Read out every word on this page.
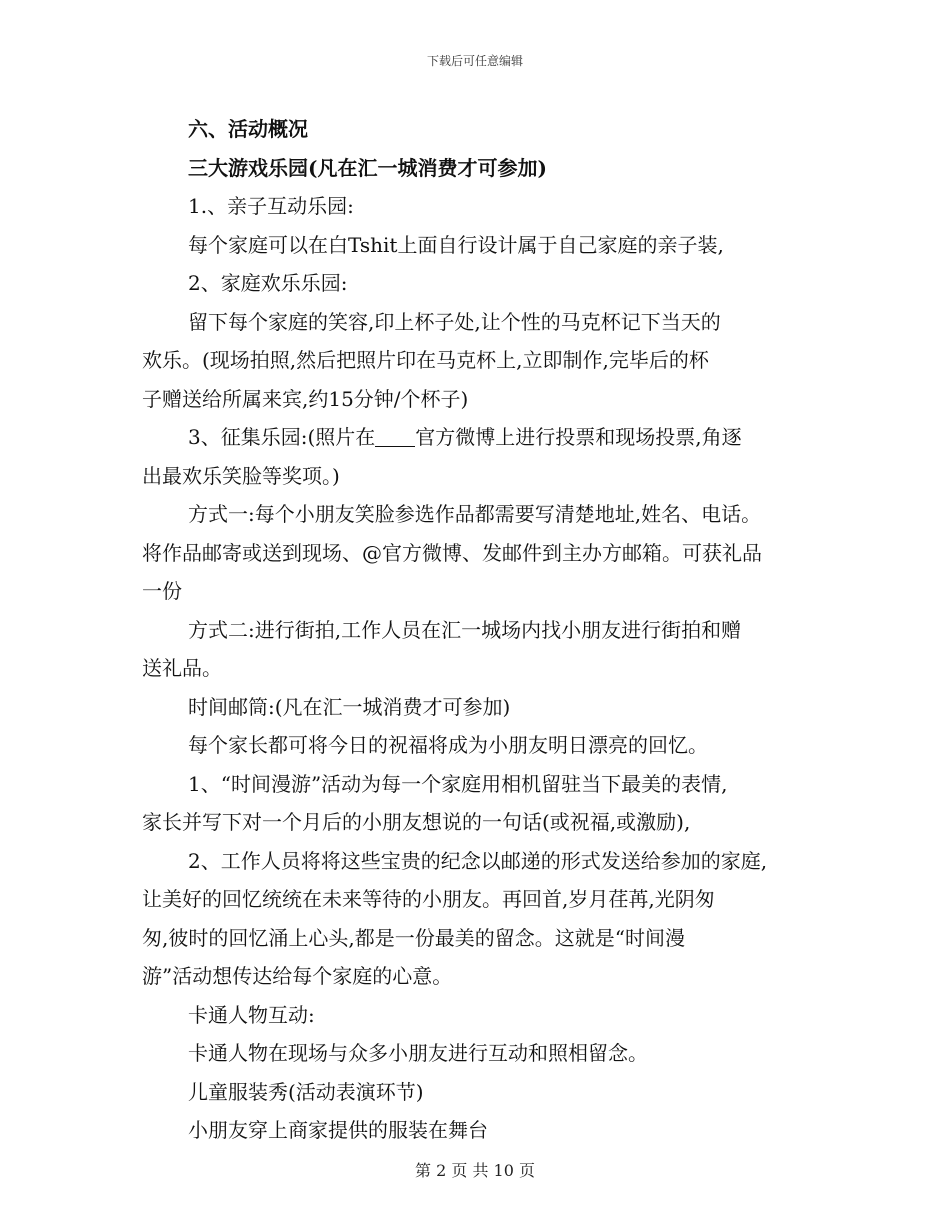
下载后可任意编辑
六、活动概况
三大游戏乐园(凡在汇一城消费才可参加)
1.、亲子互动乐园:
每个家庭可以在白Tshit上面自行设计属于自己家庭的亲子装,
2、家庭欢乐乐园:
留下每个家庭的笑容,印上杯子处,让个性的马克杯记下当天的
欢乐。(现场拍照,然后把照片印在马克杯上,立即制作,完毕后的杯
子赠送给所属来宾,约15分钟/个杯子)
3、征集乐园:(照片在 官方微博上进行投票和现场投票,角逐
出最欢乐笑脸等奖项。)
方式一:每个小朋友笑脸参选作品都需要写清楚地址,姓名、电话。
将作品邮寄或送到现场、@官方微博、发邮件到主办方邮箱。可获礼品
一份
方式二:进行街拍,工作人员在汇一城场内找小朋友进行街拍和赠
送礼品。
时间邮筒:(凡在汇一城消费才可参加)
每个家长都可将今日的祝福将成为小朋友明日漂亮的回忆。
1、“时间漫游”活动为每一个家庭用相机留驻当下最美的表情,
家长并写下对一个月后的小朋友想说的一句话(或祝福,或激励),
2、工作人员将将这些宝贵的纪念以邮递的形式发送给参加的家庭,
让美好的回忆统统在未来等待的小朋友。再回首,岁月荏苒,光阴匆
匆,彼时的回忆涌上心头,都是一份最美的留念。这就是“时间漫
游”活动想传达给每个家庭的心意。
卡通人物互动:
卡通人物在现场与众多小朋友进行互动和照相留念。
儿童服装秀(活动表演环节)
小朋友穿上商家提供的服装在舞台
第 2 页 共 10 页
